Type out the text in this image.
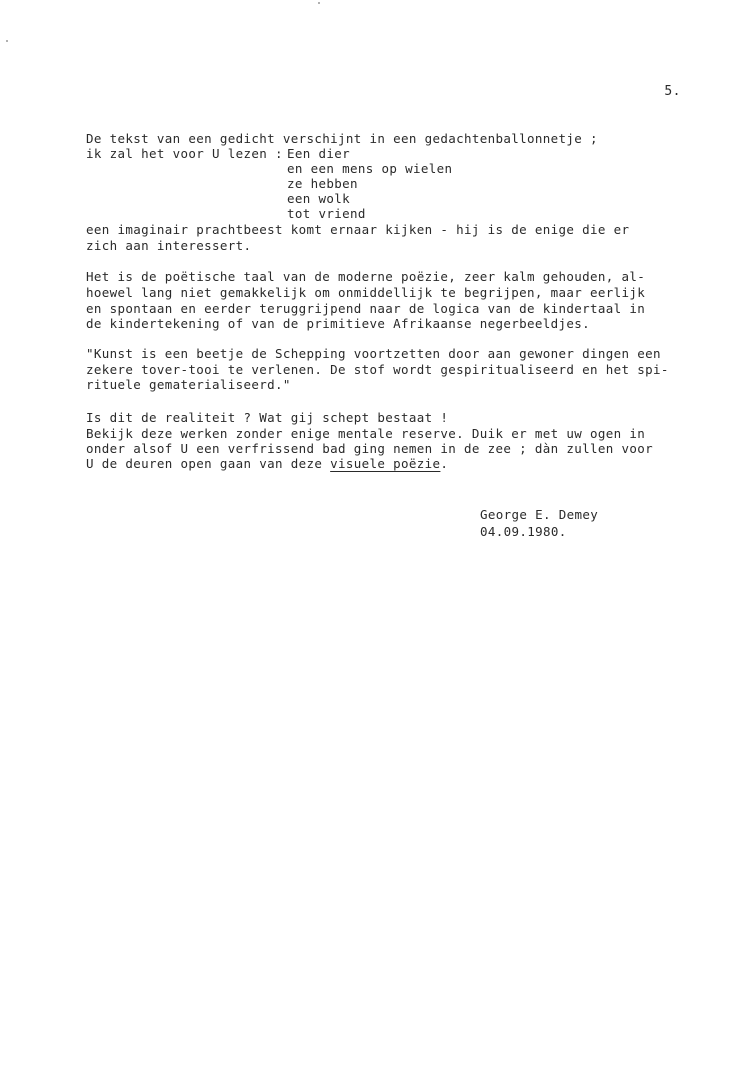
5.
De tekst van een gedicht verschijnt in een gedachtenballonnetje ;
ik zal het voor U lezen :
Een dier
en een mens op wielen
ze hebben
een wolk
tot vriend
een imaginair prachtbeest komt ernaar kijken - hij is de enige die er
zich aan interessert.
Het is de poëtische taal van de moderne poëzie, zeer kalm gehouden, al-
hoewel lang niet gemakkelijk om onmiddellijk te begrijpen, maar eerlijk
en spontaan en eerder teruggrijpend naar de logica van de kindertaal in
de kindertekening of van de primitieve Afrikaanse negerbeeldjes.
"Kunst is een beetje de Schepping voortzetten door aan gewoner dingen een
zekere tover-tooi te verlenen. De stof wordt gespiritualiseerd en het spi-
rituele gematerialiseerd."
Is dit de realiteit ? Wat gij schept bestaat !
Bekijk deze werken zonder enige mentale reserve. Duik er met uw ogen in
onder alsof U een verfrissend bad ging nemen in de zee ; dàn zullen voor
U de deuren open gaan van deze visuele poëzie.
George E. Demey
04.09.1980.
